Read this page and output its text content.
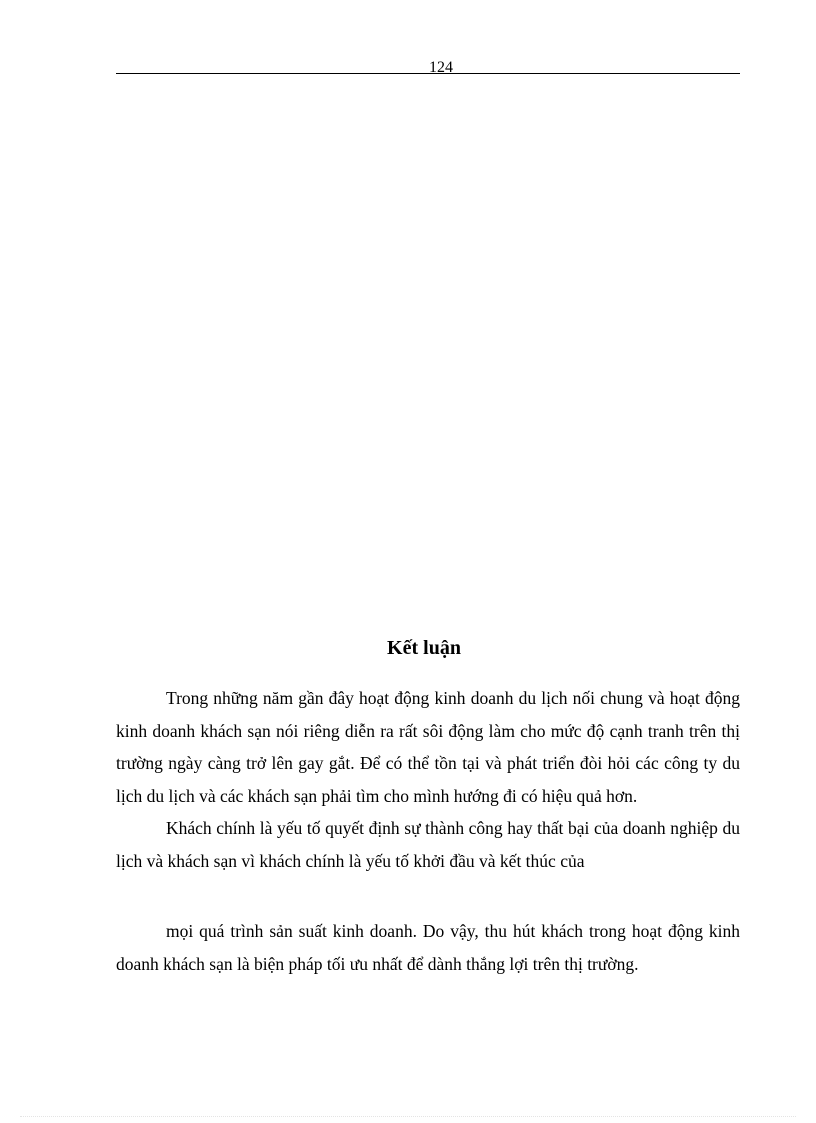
124
Kết luận

Trong những năm gần đây hoạt động kinh doanh du lịch nối chung và hoạt động kinh doanh khách sạn nói riêng diễn ra rất sôi động làm cho mức độ cạnh tranh trên thị trường ngày càng trở lên gay gắt. Để có thể tồn tại và phát triển đòi hỏi các công ty du lịch du lịch và các khách sạn phải tìm cho mình hướng đi có hiệu quả hơn.

Khách chính là yếu tố quyết định sự thành công hay thất bại của doanh nghiệp du lịch và khách sạn vì khách chính là yếu tố khởi đầu và kết thúc của

mọi quá trình sản suất kinh doanh. Do vậy, thu hút khách trong hoạt động kinh doanh khách sạn là biện pháp tối ưu nhất để dành thắng lợi trên thị trường.
